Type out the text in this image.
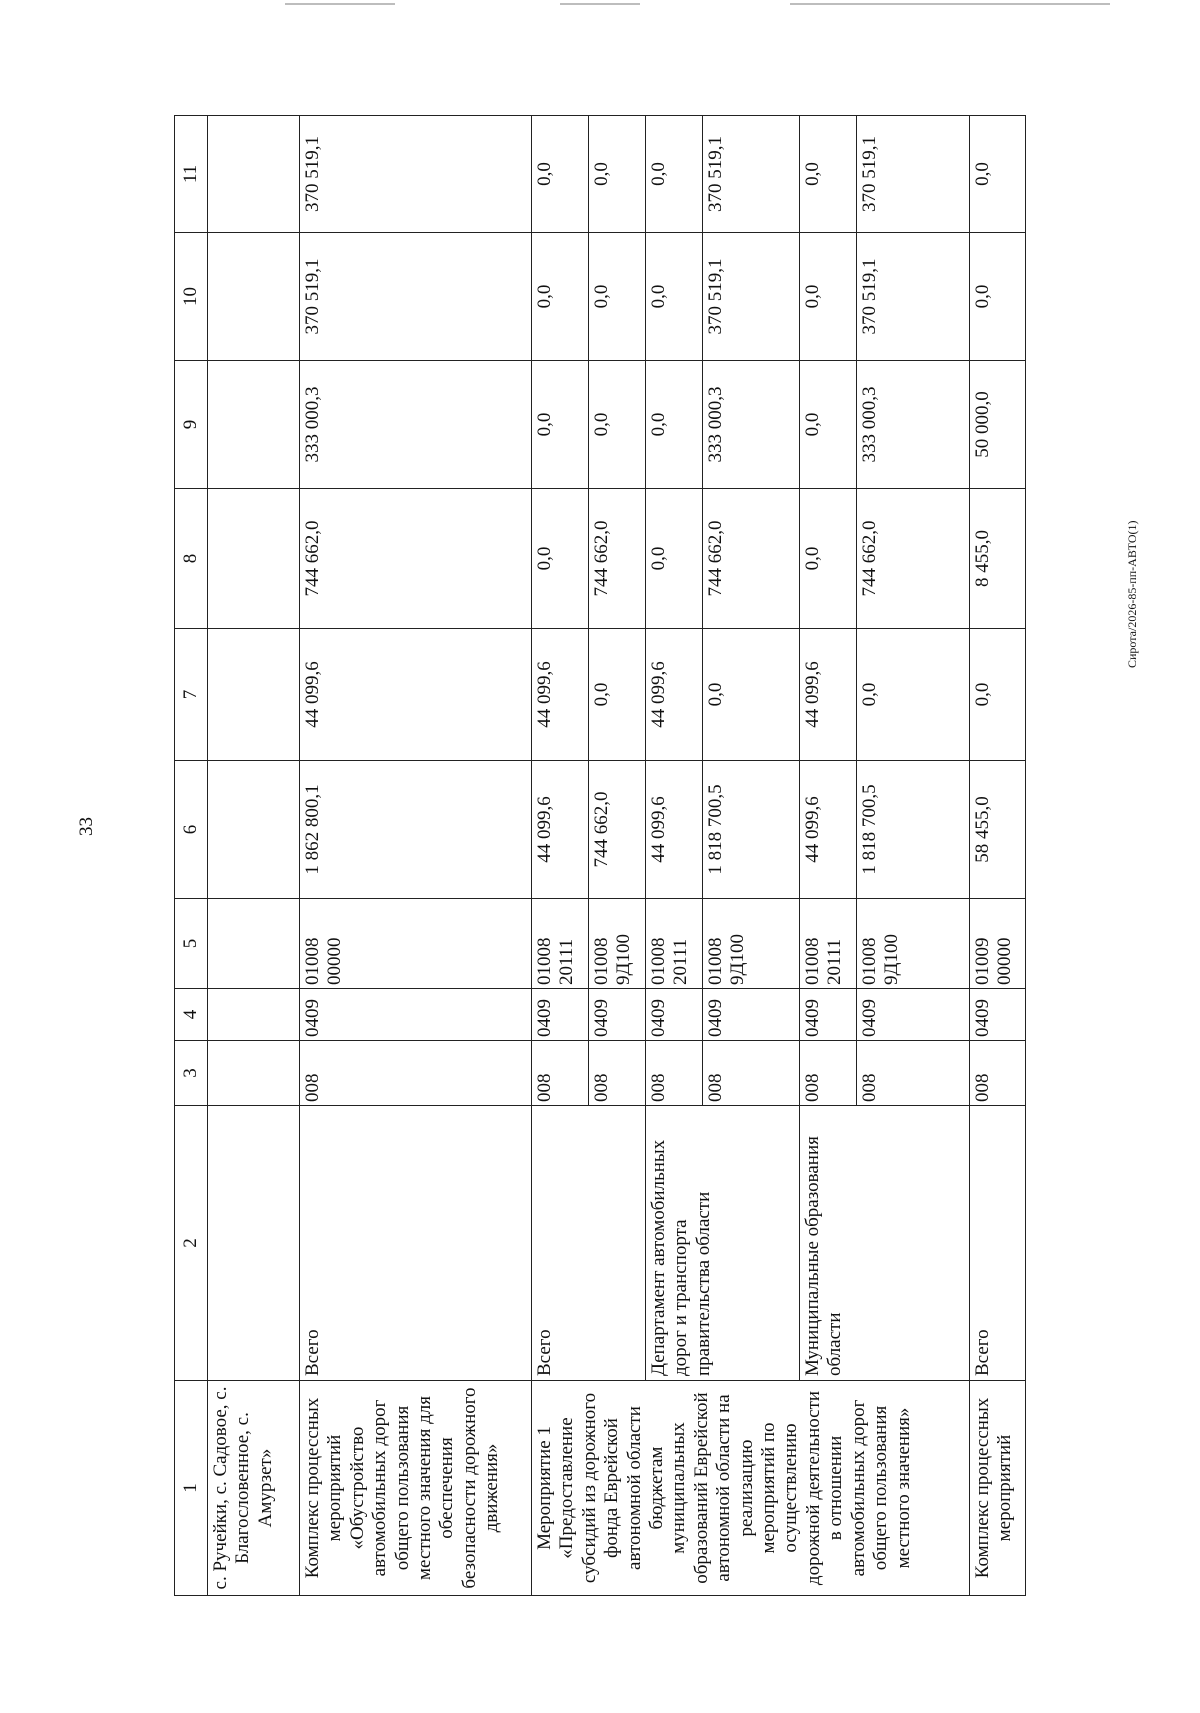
33
1	2	3	4	5	6	7	8	9	10	11
с. Ручейки, с. Садовое, с. Благословенное, с. Амурзет»										
Комплекс процессных мероприятий «Обустройство автомобильных дорог общего пользования местного значения для обеспечения безопасности дорожного движения»	Всего	008	0409	01008 00000	1 862 800,1	44 099,6	744 662,0	333 000,3	370 519,1	370 519,1
Мероприятие 1 «Предоставление субсидий из дорожного фонда Еврейской автономной области бюджетам муниципальных образований Еврейской автономной области на реализацию мероприятий по осуществлению дорожной деятельности в отношении автомобильных дорог общего пользования местного значения»	Всего	008	0409	01008 20111	44 099,6	44 099,6	0,0	0,0	0,0	0,0
		008	0409	01008 9Д100	744 662,0	0,0	744 662,0	0,0	0,0	0,0
	Департамент автомобильных дорог и транспорта правительства области	008	0409	01008 20111	44 099,6	44 099,6	0,0	0,0	0,0	0,0
		008	0409	01008 9Д100	1 818 700,5	0,0	744 662,0	333 000,3	370 519,1	370 519,1
	Муниципальные образования области	008	0409	01008 20111	44 099,6	44 099,6	0,0	0,0	0,0	0,0
		008	0409	01008 9Д100	1 818 700,5	0,0	744 662,0	333 000,3	370 519,1	370 519,1
Комплекс процессных мероприятий	Всего	008	0409	01009 00000	58 455,0	0,0	8 455,0	50 000,0	0,0	0,0
Сирота/2026-85-пп-АВТО(1)
